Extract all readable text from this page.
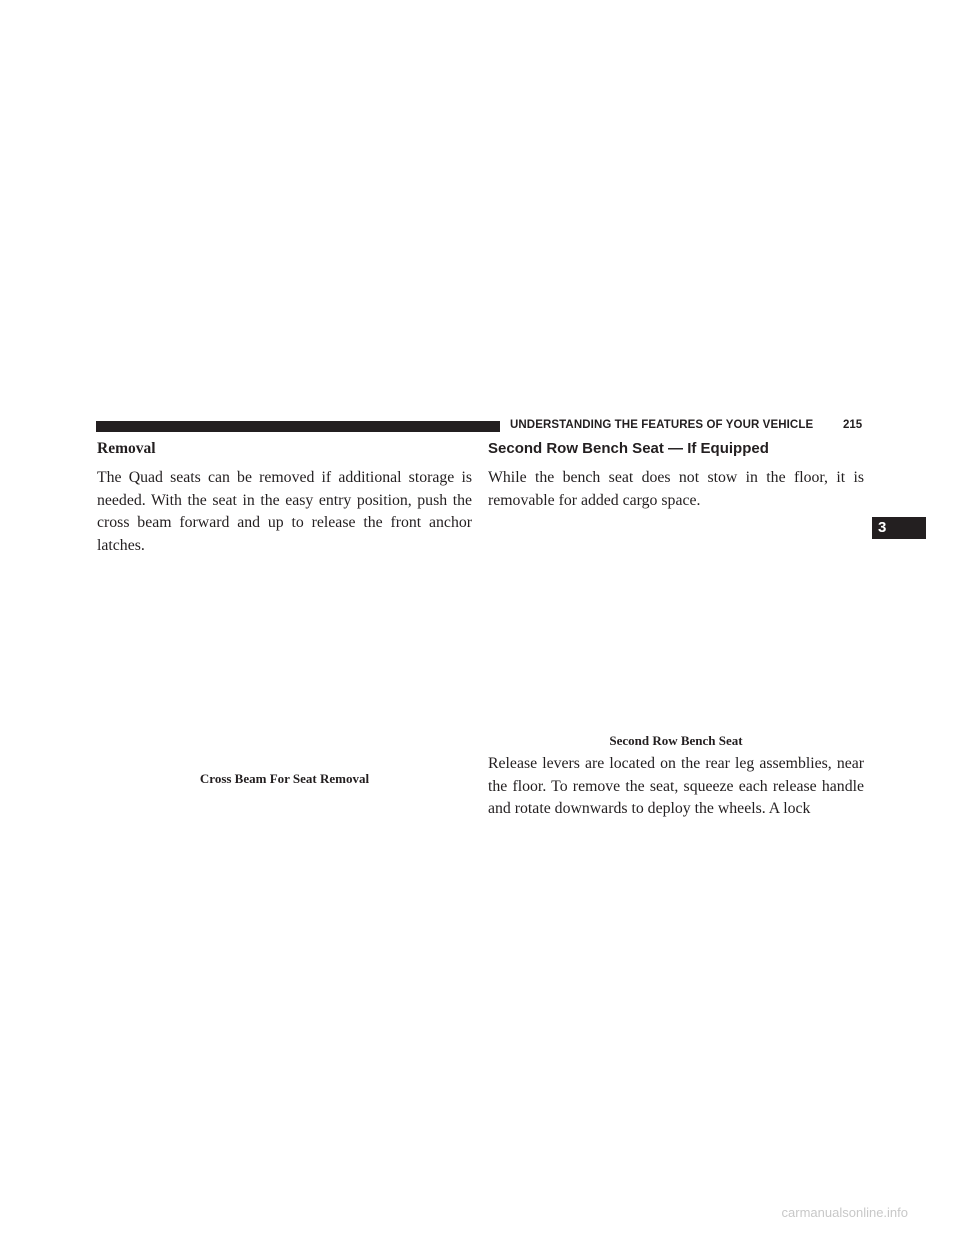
UNDERSTANDING THE FEATURES OF YOUR VEHICLE	215
3
Removal

The Quad seats can be removed if additional storage is needed. With the seat in the easy entry position, push the cross beam forward and up to release the front anchor latches.

Cross Beam For Seat Removal
Second Row Bench Seat — If Equipped

While the bench seat does not stow in the floor, it is removable for added cargo space.

Second Row Bench Seat

Release levers are located on the rear leg assemblies, near the floor. To remove the seat, squeeze each release handle and rotate downwards to deploy the wheels. A lock

carmanualsonline.info
